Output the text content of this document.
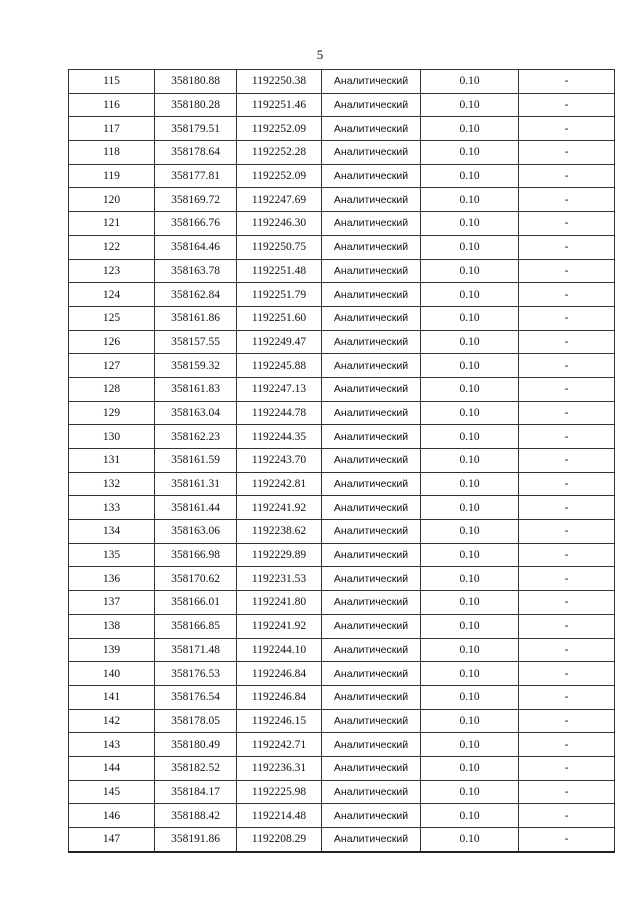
5
115	358180.88	1192250.38	Аналитический	0.10	-
116	358180.28	1192251.46	Аналитический	0.10	-
117	358179.51	1192252.09	Аналитический	0.10	-
118	358178.64	1192252.28	Аналитический	0.10	-
119	358177.81	1192252.09	Аналитический	0.10	-
120	358169.72	1192247.69	Аналитический	0.10	-
121	358166.76	1192246.30	Аналитический	0.10	-
122	358164.46	1192250.75	Аналитический	0.10	-
123	358163.78	1192251.48	Аналитический	0.10	-
124	358162.84	1192251.79	Аналитический	0.10	-
125	358161.86	1192251.60	Аналитический	0.10	-
126	358157.55	1192249.47	Аналитический	0.10	-
127	358159.32	1192245.88	Аналитический	0.10	-
128	358161.83	1192247.13	Аналитический	0.10	-
129	358163.04	1192244.78	Аналитический	0.10	-
130	358162.23	1192244.35	Аналитический	0.10	-
131	358161.59	1192243.70	Аналитический	0.10	-
132	358161.31	1192242.81	Аналитический	0.10	-
133	358161.44	1192241.92	Аналитический	0.10	-
134	358163.06	1192238.62	Аналитический	0.10	-
135	358166.98	1192229.89	Аналитический	0.10	-
136	358170.62	1192231.53	Аналитический	0.10	-
137	358166.01	1192241.80	Аналитический	0.10	-
138	358166.85	1192241.92	Аналитический	0.10	-
139	358171.48	1192244.10	Аналитический	0.10	-
140	358176.53	1192246.84	Аналитический	0.10	-
141	358176.54	1192246.84	Аналитический	0.10	-
142	358178.05	1192246.15	Аналитический	0.10	-
143	358180.49	1192242.71	Аналитический	0.10	-
144	358182.52	1192236.31	Аналитический	0.10	-
145	358184.17	1192225.98	Аналитический	0.10	-
146	358188.42	1192214.48	Аналитический	0.10	-
147	358191.86	1192208.29	Аналитический	0.10	-
